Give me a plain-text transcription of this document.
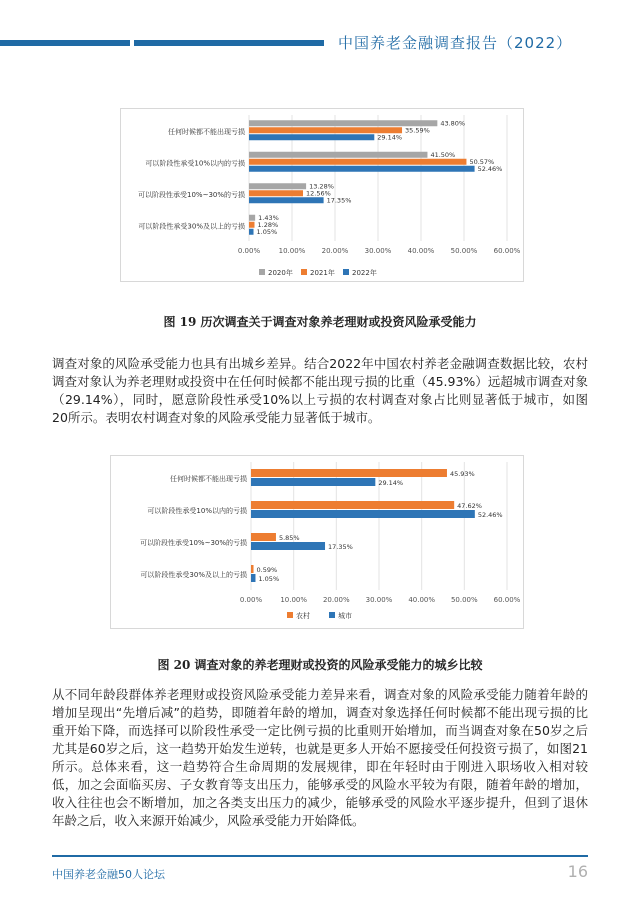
中国养老金融调查报告（2022）
0.00%	10.00% 20.00% 30.00% 40.00% 50.00% 60.00%
任何时候都不能出现亏损
43.80%
35.59%
29.14%
可以阶段性承受10%以内的亏损
41.50%
50.57%
52.46%
可以阶段性承受10%~30%的亏损
13.28%
12.56%
17.35%
可以阶段性承受30%及以上的亏损
1.43%
1.28%
1.05%
2020年 2021年 2022年
图 19 历次调查关于调查对象养老理财或投资风险承受能力

调查对象的风险承受能力也具有出城乡差异。结合2022年中国农村养老金融调查数据比较，农村调查对象认为养老理财或投资中在任何时候都不能出现亏损的比重（45.93%）远超城市调查对象（29.14%），同时，愿意阶段性承受10%以上亏损的农村调查对象占比则显著低于城市，如图 20所示。表明农村调查对象的风险承受能力显著低于城市。

0.00%	10.00% 20.00% 30.00% 40.00% 50.00% 60.00%
任何时候都不能出现亏损
45.93%
29.14%
可以阶段性承受10%以内的亏损
47.62%
52.46%
可以阶段性承受10%~30%的亏损
5.85%
17.35%
可以阶段性承受30%及以上的亏损
0.59%
1.05%
农村	城市
图 20 调查对象的养老理财或投资的风险承受能力的城乡比较

从不同年龄段群体养老理财或投资风险承受能力差异来看，调查对象的风险承受能力随着年龄的增加呈现出“先增后减”的趋势，即随着年龄的增加，调查对象选择任何时候都不能出现亏损的比重开始下降，而选择可以阶段性承受一定比例亏损的比重则开始增加，而当调查对象在50岁之后尤其是60岁之后，这一趋势开始发生逆转，也就是更多人开始不愿接受任何投资亏损了，如图21所示。总体来看，这一趋势符合生命周期的发展规律，即在年轻时由于刚进入职场收入相对较低，加之会面临买房、子女教育等支出压力，能够承受的风险水平较为有限，随着年龄的增加，收入往往也会不断增加，加之各类支出压力的减少，能够承受的风险水平逐步提升，但到了退休年龄之后，收入来源开始减少，风险承受能力开始降低。

中国养老金融50人论坛	16
